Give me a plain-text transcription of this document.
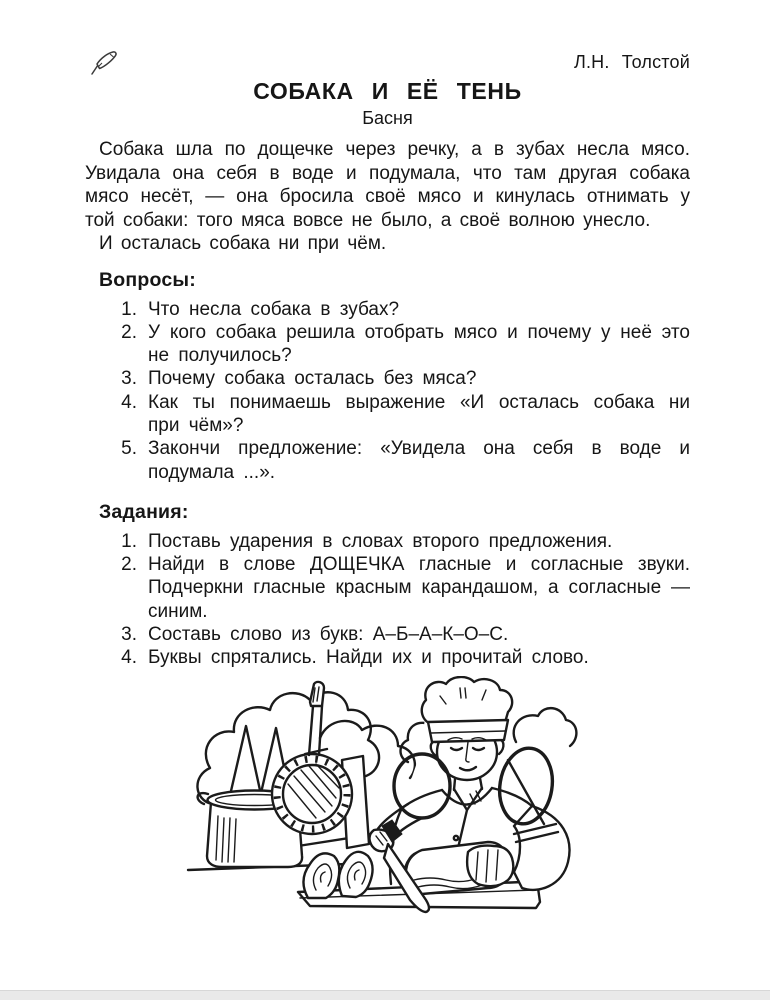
Л.Н. Толстой
СОБАКА И ЕЁ ТЕНЬ
Басня

Собака шла по дощечке через речку, а в зубах несла мясо. Увидала она себя в воде и подумала, что там другая собака мясо несёт, — она бросила своё мясо и кинулась отнимать у той собаки: того мяса вовсе не было, а своё волною унесло.

И осталась собака ни при чём.

Вопросы:
1. Что несла собака в зубах?
2. У кого собака решила отобрать мясо и почему у неё это не получилось?
3. Почему собака осталась без мяса?
4. Как ты понимаешь выражение «И осталась собака ни при чём»?
5. Закончи предложение: «Увидела она себя в воде и подумала ...».
Задания:
1. Поставь ударения в словах второго предложения.
2. Найди в слове ДОЩЕЧКА гласные и согласные звуки. Подчеркни гласные красным карандашом, а согласные — синим.
3. Составь слово из букв: А–Б–А–К–О–С.
4. Буквы спрятались. Найди их и прочитай слово.
